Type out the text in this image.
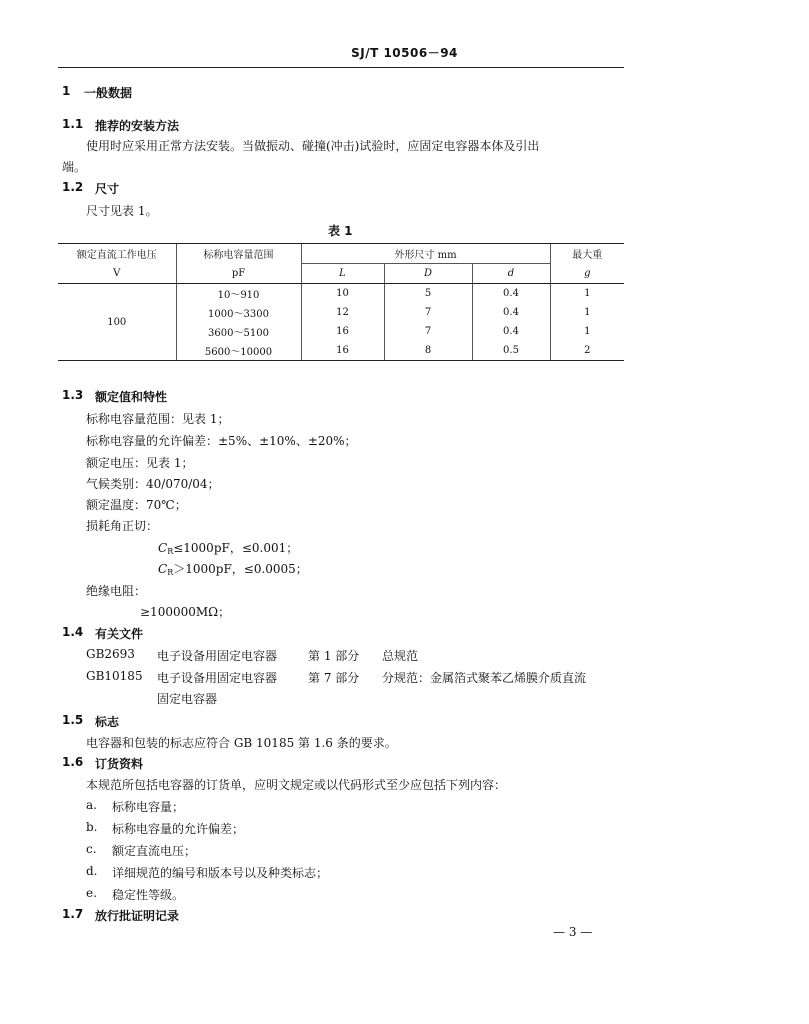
SJ/T 10506－94
1 一般数据
1.1 推荐的安装方法
使用时应采用正常方法安装。当做振动、碰撞(冲击)试验时，应固定电容器本体及引出
端。
1.2 尺寸
尺寸见表 1。
表 1
额定直流工作电压	标称电容量范围	外形尺寸 mm			最大重
V	pF	L	D	d	g
100	10～910	10	5	0.4	1
	1000～3300	12	7	0.4	1
	3600～5100	16	7	0.4	1
	5600～10000	16	8	0.5	2
1.3 额定值和特性
标称电容量范围：见表 1；
标称电容量的允许偏差：±5%、±10%、±20%；
额定电压：见表 1；
气候类别：40/070/04；
额定温度：70℃；
损耗角正切：
$C_R\le 1000pF$，≤0.001；
$C_R>1000pF$，≤0.0005；
绝缘电阻：
≥100000MΩ；
1.4 有关文件
GB2693 电子设备用固定电容器	第 1 部分 总规范
GB10185 电子设备用固定电容器	第 7 部分 分规范：金属箔式聚苯乙烯膜介质直流
固定电容器
1.5 标志
电容器和包装的标志应符合 GB 10185 第 1.6 条的要求。
1.6 订货资料
本规范所包括电容器的订货单，应明文规定或以代码形式至少应包括下列内容：
a. 标称电容量；
b. 标称电容量的允许偏差；
c. 额定直流电压；
d. 详细规范的编号和版本号以及种类标志；
e. 稳定性等级。
1.7 放行批证明记录
— 3 —
